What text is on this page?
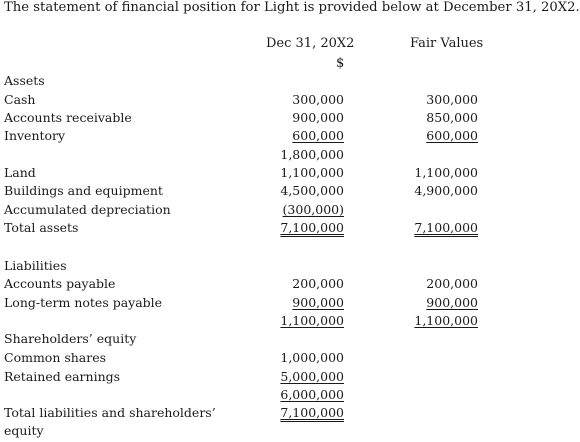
The statement of financial position for Light is provided below at December 31, 20X2.
Dec 31, 20X2
$
Fair Values
Assets
Cash	300,000	300,000
Accounts receivable	900,000	850,000
Inventory	600,000	600,000
1,800,000
Land	1,100,000	1,100,000
Buildings and equipment	4,500,000	4,900,000
Accumulated depreciation	(300,000)
Total assets	7,100,000	7,100,000
Liabilities
Accounts payable	200,000	200,000
Long-term notes payable	900,000	900,000
1,100,000	1,100,000
Shareholders’ equity
Common shares	1,000,000
Retained earnings	5,000,000
6,000,000
Total liabilities and shareholders’	7,100,000
equity
